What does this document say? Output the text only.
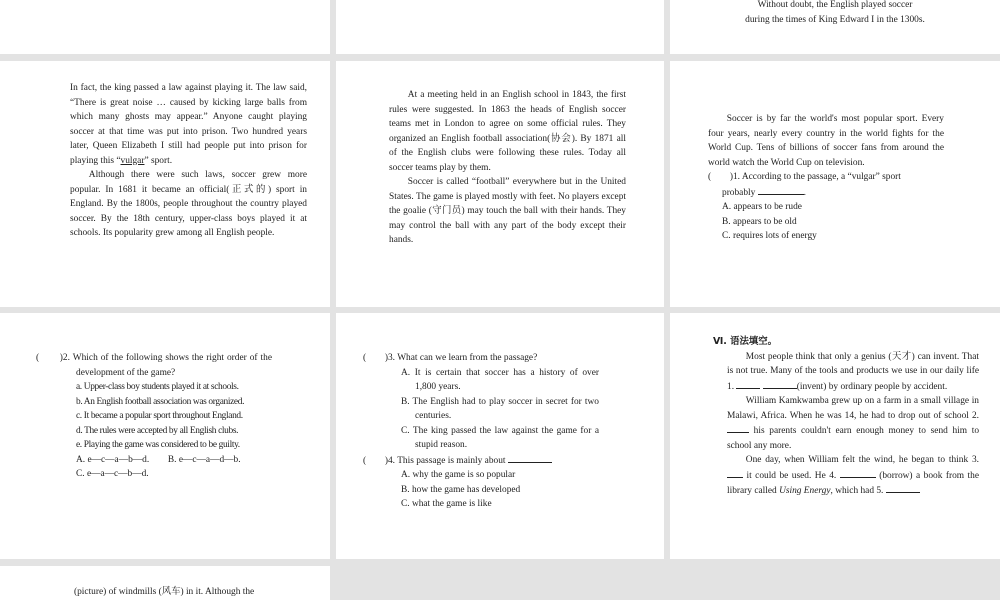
Without doubt, the English played soccer

during the times of King Edward I in the 1300s.

In fact, the king passed a law against playing it. The law said, “There is great noise … caused by kicking large balls from which many ghosts may appear.” Anyone caught playing soccer at that time was put into prison. Two hundred years later, Queen Elizabeth I still had people put into prison for playing this “vulgar” sport.

Although there were such laws, soccer grew more popular. In 1681 it became an official(正式的) sport in England. By the 1800s, people throughout the country played soccer. By the 18th century, upper-class boys played it at schools. Its popularity grew among all English people.

At a meeting held in an English school in 1843, the first rules were suggested. In 1863 the heads of English soccer teams met in London to agree on some official rules. They organized an English football association(协会). By 1871 all of the English clubs were following these rules. Today all soccer teams play by them.

Soccer is called “football” everywhere but in the United States. The game is played mostly with feet. No players except the goalie (守门员) may touch the ball with their hands. They may control the ball with any part of the body except their hands.

Soccer is by far the world's most popular sport. Every four years, nearly every country in the world fights for the World Cup. Tens of billions of soccer fans from around the world watch the World Cup on television.

(　　)1. According to the passage, a “vulgar” sport

probably	.

A. appears to be rude

B. appears to be old

C. requires lots of energy

(　　)2. Which of the following shows the right order of the development of the game?

a. Upper-class boy students played it at schools.

b. An English football association was organized.

c. It became a popular sport throughout England.

d. The rules were accepted by all English clubs.

e. Playing the game was considered to be guilty.

A. e—c—a—b—d.　　B. e—c—a—d—b.

C. e—a—c—b—d.

(　　)3. What can we learn from the passage?

A. It is certain that soccer has a history of over 1,800 years.

B. The English had to play soccer in secret for two centuries.

C. The king passed the law against the game for a stupid reason.

(　　)4. This passage is mainly about

A. why the game is so popular

B. how the game has developed

C. what the game is like

Ⅵ. 语法填空。

Most people think that only a genius (天才) can invent. That is not true. Many of the tools and products we use in our daily life 1.	(invent) by ordinary people by accident.

William Kamkwamba grew up on a farm in a small village in Malawi, Africa. When he was 14, he had to drop out of school 2. his parents couldn't earn enough money to send him to school any more.

One day, when William felt the wind, he began to think 3.  it could be used. He 4.	(borrow) a book from the library called Using Energy, which had 5.

(picture) of windmills (风车) in it. Although the
